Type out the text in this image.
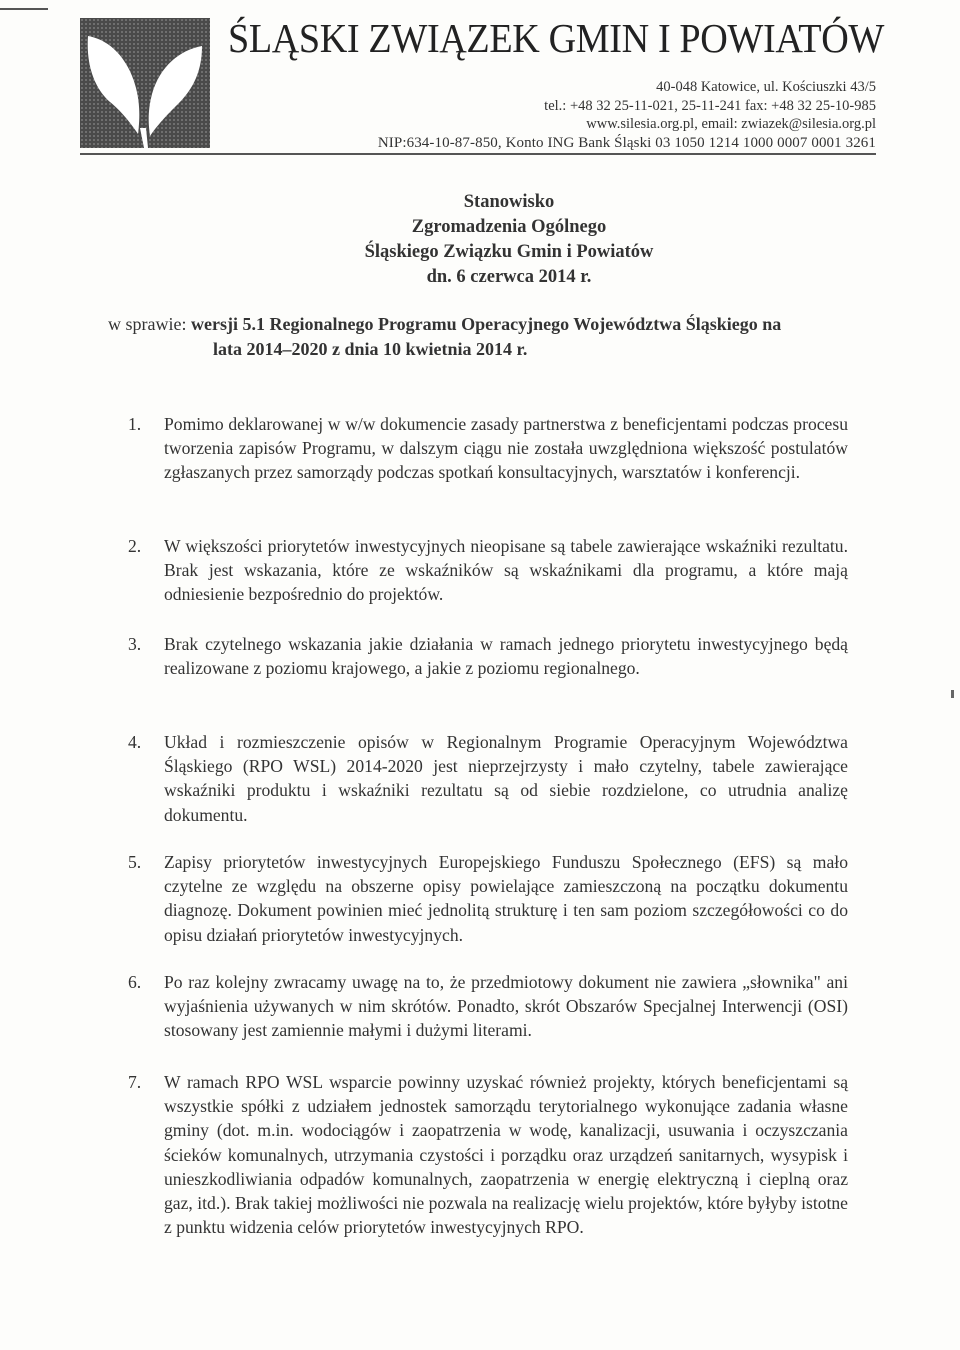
ŚLĄSKI ZWIĄZEK GMIN I POWIATÓW
40-048 Katowice, ul. Kościuszki 43/5
tel.: +48 32 25-11-021, 25-11-241 fax: +48 32 25-10-985
www.silesia.org.pl, email: zwiazek@silesia.org.pl
NIP:634-10-87-850, Konto ING Bank Śląski 03 1050 1214 1000 0007 0001 3261
Stanowisko
Zgromadzenia Ogólnego
Śląskiego Związku Gmin i Powiatów
dn. 6 czerwca 2014 r.
w sprawie: wersji 5.1 Regionalnego Programu Operacyjnego Województwa Śląskiego na
lata 2014–2020 z dnia 10 kwietnia 2014 r.
1.	Pomimo deklarowanej w w/w dokumencie zasady partnerstwa z beneficjentami podczas procesu tworzenia zapisów Programu, w dalszym ciągu nie została uwzględniona większość postulatów zgłaszanych przez samorządy podczas spotkań konsultacyjnych, warsztatów i konferencji.
2.	W większości priorytetów inwestycyjnych nieopisane są tabele zawierające wskaźniki rezultatu. Brak jest wskazania, które ze wskaźników są wskaźnikami dla programu, a które mają odniesienie bezpośrednio do projektów.
3.	Brak czytelnego wskazania jakie działania w ramach jednego priorytetu inwestycyjnego będą realizowane z poziomu krajowego, a jakie z poziomu regionalnego.
4.	Układ i rozmieszczenie opisów w Regionalnym Programie Operacyjnym Województwa Śląskiego (RPO WSL) 2014-2020 jest nieprzejrzysty i mało czytelny, tabele zawierające wskaźniki produktu i wskaźniki rezultatu są od siebie rozdzielone, co utrudnia analizę dokumentu.
5.	Zapisy priorytetów inwestycyjnych Europejskiego Funduszu Społecznego (EFS) są mało czytelne ze względu na obszerne opisy powielające zamieszczoną na początku dokumentu diagnozę. Dokument powinien mieć jednolitą strukturę i ten sam poziom szczegółowości co do opisu działań priorytetów inwestycyjnych.
6.	Po raz kolejny zwracamy uwagę na to, że przedmiotowy dokument nie zawiera „słownika" ani wyjaśnienia używanych w nim skrótów. Ponadto, skrót Obszarów Specjalnej Interwencji (OSI) stosowany jest zamiennie małymi i dużymi literami.
7.	W ramach RPO WSL wsparcie powinny uzyskać również projekty, których beneficjentami są wszystkie spółki z udziałem jednostek samorządu terytorialnego wykonujące zadania własne gminy (dot. m.in. wodociągów i zaopatrzenia w wodę, kanalizacji, usuwania i oczyszczania ścieków komunalnych, utrzymania czystości i porządku oraz urządzeń sanitarnych, wysypisk i unieszkodliwiania odpadów komunalnych, zaopatrzenia w energię elektryczną i cieplną oraz gaz, itd.). Brak takiej możliwości nie pozwala na realizację wielu projektów, które byłyby istotne z punktu widzenia celów priorytetów inwestycyjnych RPO.
